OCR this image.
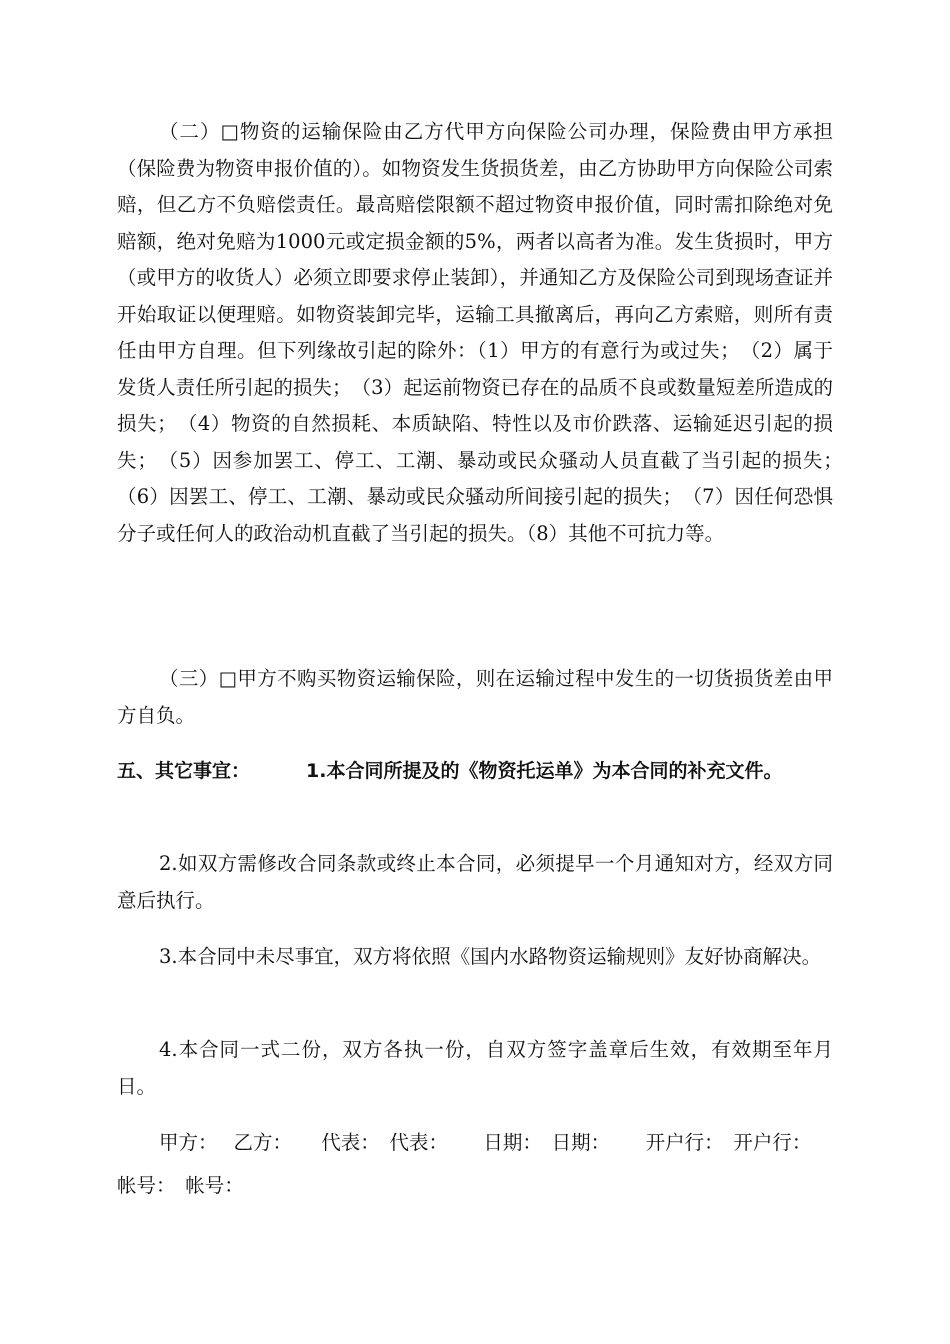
（二）□物资的运输保险由乙方代甲方向保险公司办理，保险费由甲方承担（保险费为物资申报价值的）。如物资发生货损货差，由乙方协助甲方向保险公司索赔，但乙方不负赔偿责任。最高赔偿限额不超过物资申报价值，同时需扣除绝对免赔额，绝对免赔为1000元或定损金额的5%，两者以高者为准。发生货损时，甲方（或甲方的收货人）必须立即要求停止装卸），并通知乙方及保险公司到现场查证并开始取证以便理赔。如物资装卸完毕，运输工具撤离后，再向乙方索赔，则所有责任由甲方自理。但下列缘故引起的除外：（1）甲方的有意行为或过失；　（2）属于发货人责任所引起的损失；　（3）起运前物资已存在的品质不良或数量短差所造成的损失；　（4）物资的自然损耗、本质缺陷、特性以及市价跌落、运输延迟引起的损失；　（5）因参加罢工、停工、工潮、暴动或民众骚动人员直截了当引起的损失；　（6）因罢工、停工、工潮、暴动或民众骚动所间接引起的损失；　（7）因任何恐惧分子或任何人的政治动机直截了当引起的损失。（8）其他不可抗力等。

（三）□甲方不购买物资运输保险，则在运输过程中发生的一切货损货差由甲方自负。

五、其它事宜：	1.本合同所提及的《物资托运单》为本合同的补充文件。

2.如双方需修改合同条款或终止本合同，必须提早一个月通知对方，经双方同意后执行。

3.本合同中未尽事宜，双方将依照《国内水路物资运输规则》友好协商解决。

4.本合同一式二份，双方各执一份，自双方签字盖章后生效，有效期至年月日。

甲方：　 乙方：　　代表：　代表：　　 日期：　日期：　　 开户行：　开户行：　　帐号：　帐号：
